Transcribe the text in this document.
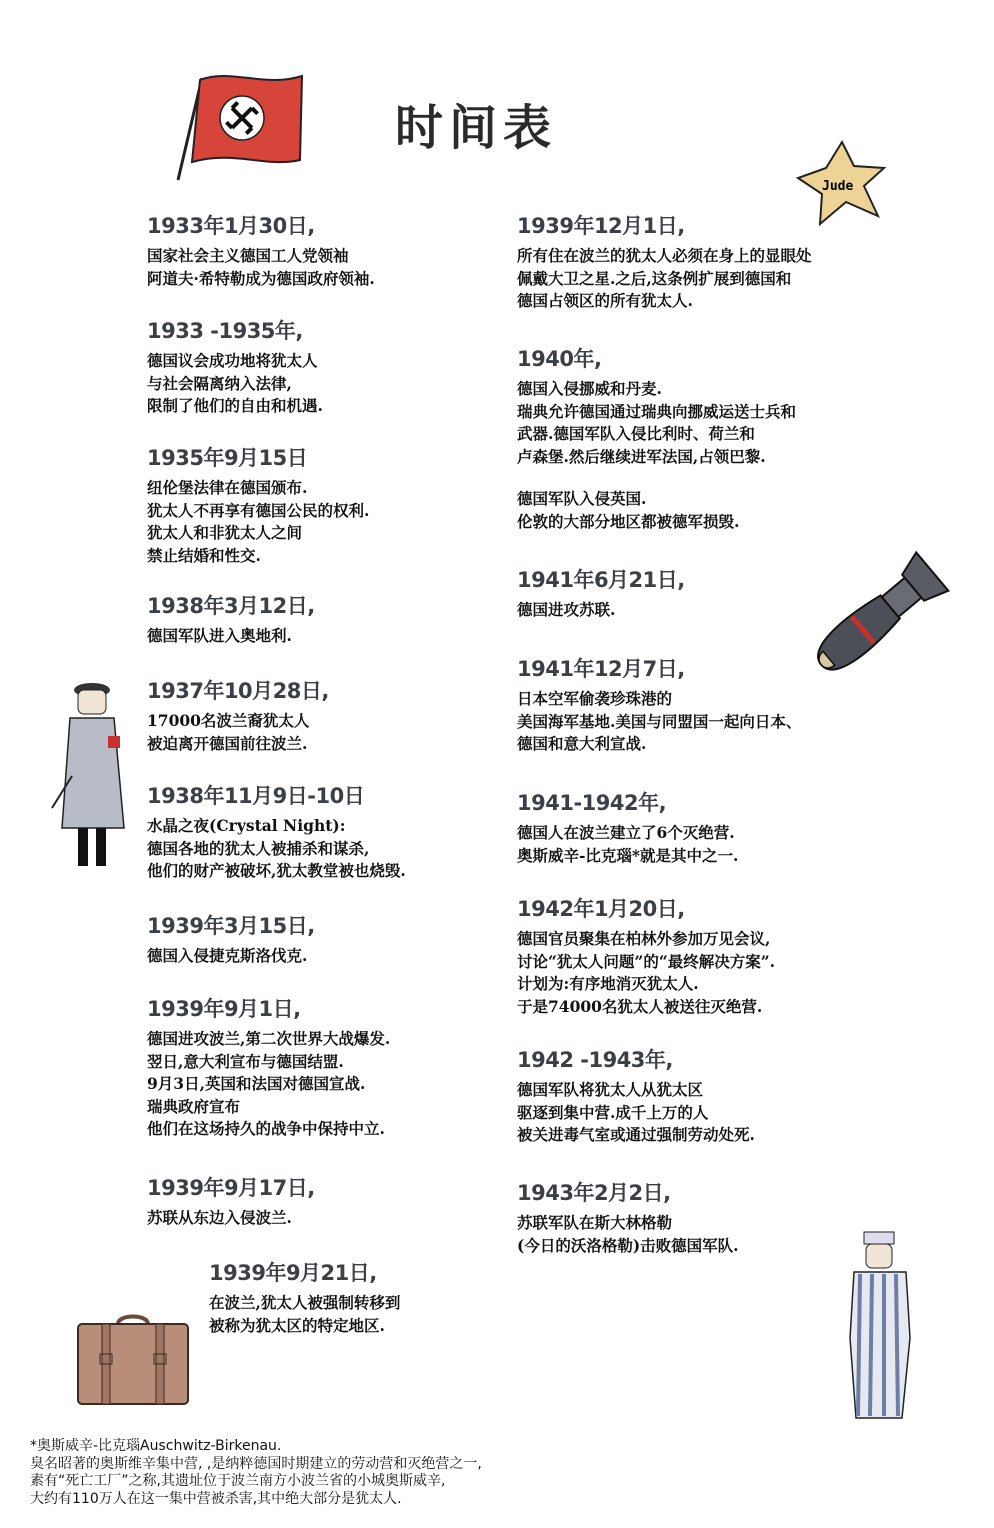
时间表
Jude
1933年1月30日,
国家社会主义德国工人党领袖
阿道夫·希特勒成为德国政府领袖.
1933 -1935年,
德国议会成功地将犹太人
与社会隔离纳入法律,
限制了他们的自由和机遇.
1935年9月15日
纽伦堡法律在德国颁布.
犹太人不再享有德国公民的权利.
犹太人和非犹太人之间
禁止结婚和性交.
1938年3月12日,
德国军队进入奥地利.
1937年10月28日,
17000名波兰裔犹太人
被迫离开德国前往波兰.
1938年11月9日-10日
水晶之夜(Crystal Night):
德国各地的犹太人被捕杀和谋杀,
他们的财产被破坏,犹太教堂被也烧毁.
1939年3月15日,
德国入侵捷克斯洛伐克.
1939年9月1日,
德国进攻波兰,第二次世界大战爆发.
翌日,意大利宣布与德国结盟.
9月3日,英国和法国对德国宣战.
瑞典政府宣布
他们在这场持久的战争中保持中立.
1939年9月17日,
苏联从东边入侵波兰.
1939年9月21日,
在波兰,犹太人被强制转移到
被称为犹太区的特定地区.
1939年12月1日,
所有住在波兰的犹太人必须在身上的显眼处
佩戴大卫之星.之后,这条例扩展到德国和
德国占领区的所有犹太人.
1940年,
德国入侵挪威和丹麦.
瑞典允许德国通过瑞典向挪威运送士兵和
武器.德国军队入侵比利时、荷兰和
卢森堡.然后继续进军法国,占领巴黎.
德国军队入侵英国.
伦敦的大部分地区都被德军损毁.
1941年6月21日,
德国进攻苏联.
1941年12月7日,
日本空军偷袭珍珠港的
美国海军基地.美国与同盟国一起向日本、
德国和意大利宣战.
1941-1942年,
德国人在波兰建立了6个灭绝营.
奥斯威辛-比克瑙*就是其中之一.
1942年1月20日,
德国官员聚集在柏林外参加万见会议,
讨论“犹太人问题”的“最终解决方案”.
计划为:有序地消灭犹太人.
于是74000名犹太人被送往灭绝营.
1942 -1943年,
德国军队将犹太人从犹太区
驱逐到集中营.成千上万的人
被关进毒气室或通过强制劳动处死.
1943年2月2日,
苏联军队在斯大林格勒
(今日的沃洛格勒)击败德国军队.
*奥斯威辛-比克瑙Auschwitz-Birkenau.
臭名昭著的奥斯维辛集中营, ,是纳粹德国时期建立的劳动营和灭绝营之一,
素有“死亡工厂”之称,其遗址位于波兰南方小波兰省的小城奥斯威辛,
大约有110万人在这一集中营被杀害,其中绝大部分是犹太人.
